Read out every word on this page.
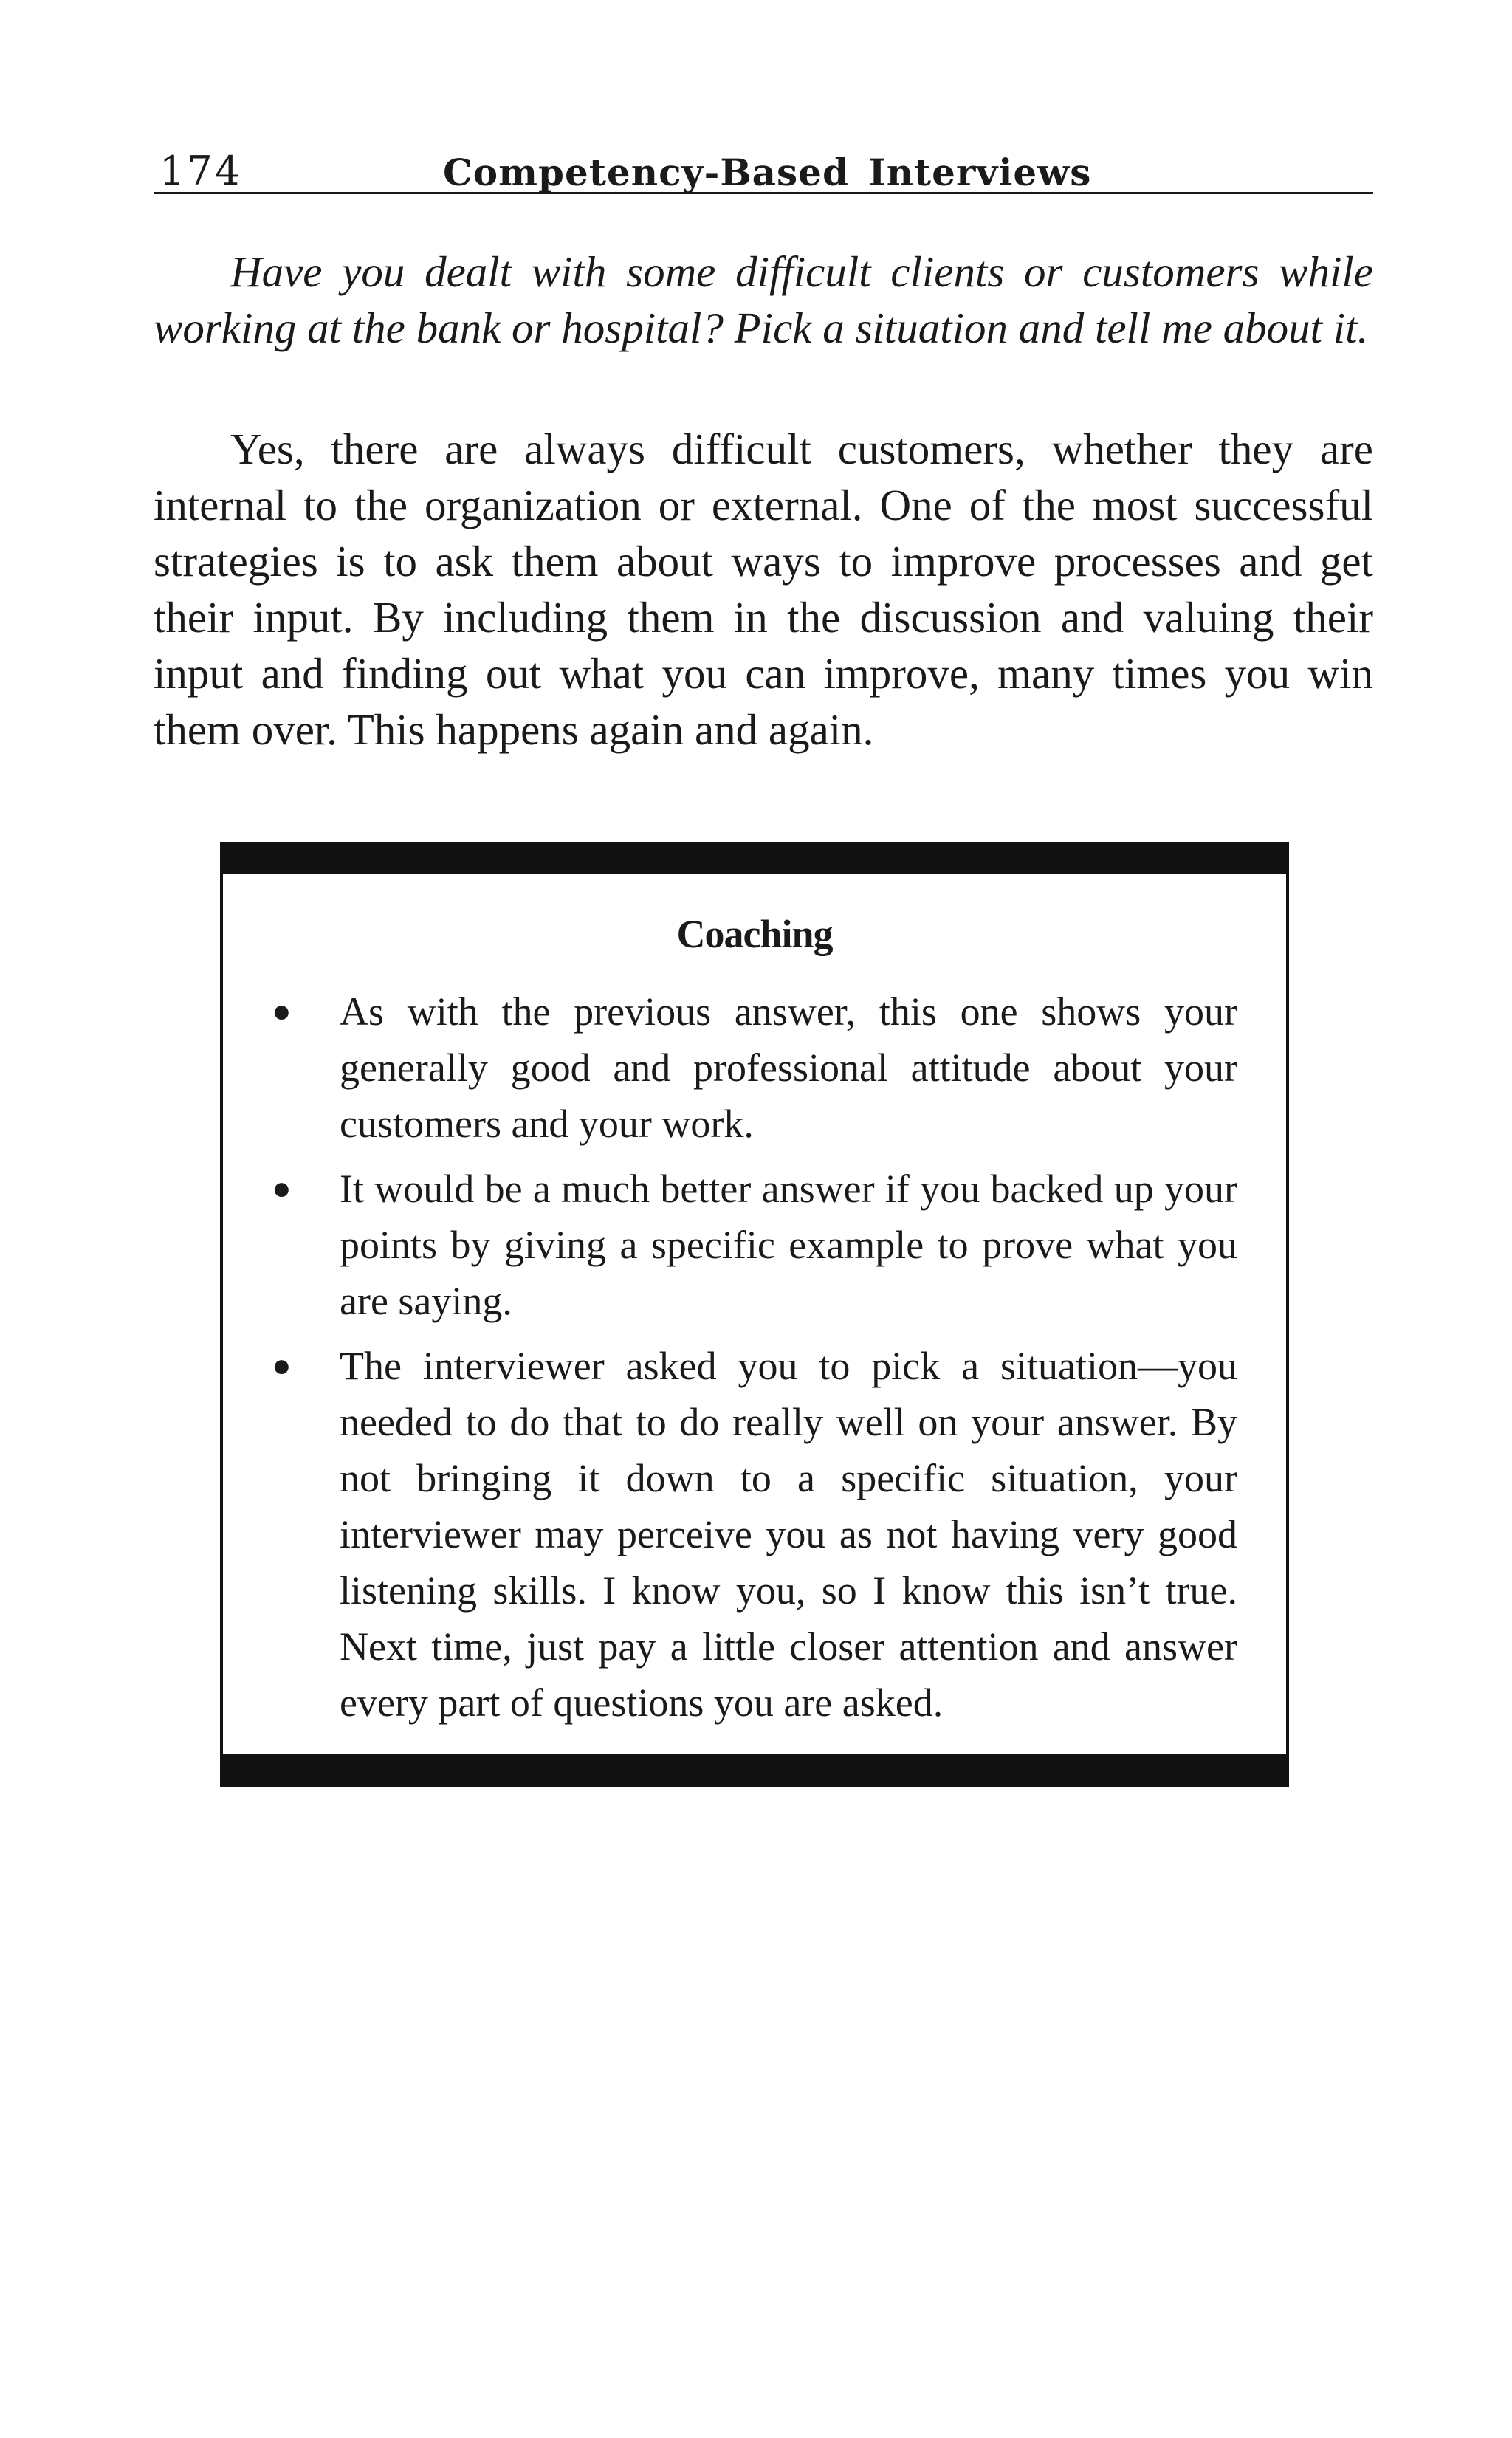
174	Competency-Based Interviews

Have you dealt with some difficult clients or customers while working at the bank or hospital? Pick a situation and tell me about it.

Yes, there are always difficult customers, whether they are internal to the organization or external. One of the most successful strategies is to ask them about ways to improve processes and get their input. By including them in the discussion and valuing their input and finding out what you can improve, many times you win them over. This happens again and again.

Coaching
● As with the previous answer, this one shows your generally good and professional attitude about your customers and your work.
● It would be a much better answer if you backed up your points by giving a specific example to prove what you are saying.
● The interviewer asked you to pick a situation—you needed to do that to do really well on your answer. By not bringing it down to a specific situation, your interviewer may perceive you as not having very good listening skills. I know you, so I know this isn’t true. Next time, just pay a little closer attention and answer every part of questions you are asked.
